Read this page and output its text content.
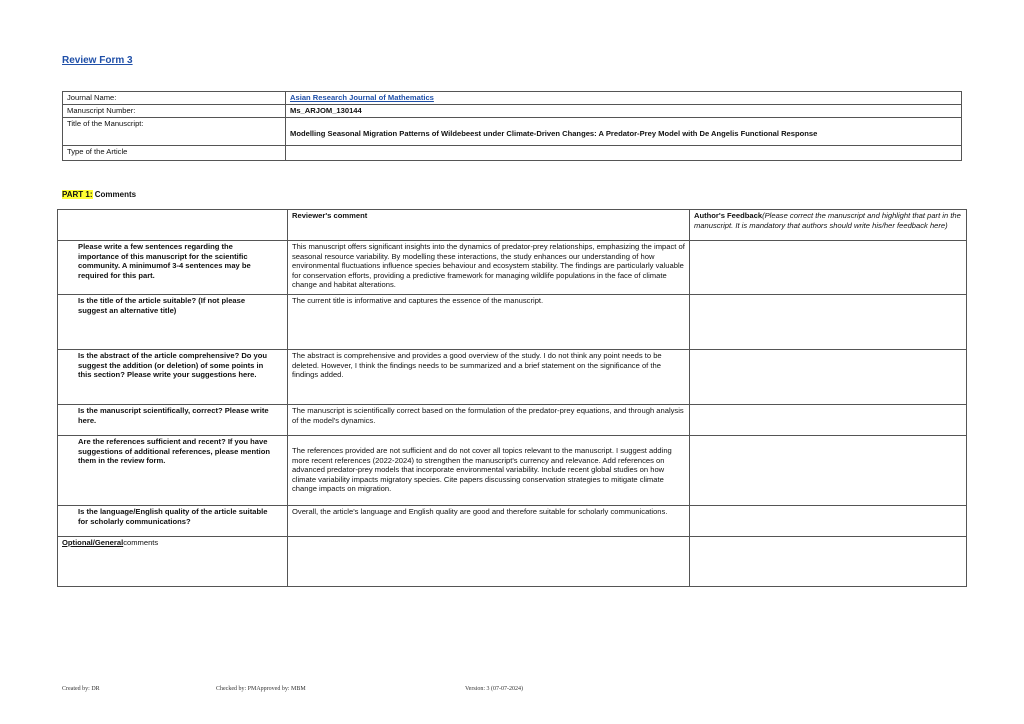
Review Form 3
Journal Name:	Asian Research Journal of Mathematics
Manuscript Number:	Ms_ARJOM_130144
Title of the Manuscript:	Modelling Seasonal Migration Patterns of Wildebeest under Climate-Driven Changes: A Predator-Prey Model with De Angelis Functional Response
Type of the Article	
PART 1: Comments
	Reviewer's comment	Author's Feedback(Please correct the manuscript and highlight that part in the manuscript. It is mandatory that authors should write his/her feedback here)
Please write a few sentences regarding the importance of this manuscript for the scientific community. A minimumof 3-4 sentences may be required for this part.	This manuscript offers significant insights into the dynamics of predator-prey relationships, emphasizing the impact of seasonal resource variability. By modelling these interactions, the study enhances our understanding of how environmental fluctuations influence species behaviour and ecosystem stability. The findings are particularly valuable for conservation efforts, providing a predictive framework for managing wildlife populations in the face of climate change and habitat alterations.	
Is the title of the article suitable? (If not please suggest an alternative title)	The current title is informative and captures the essence of the manuscript.	
Is the abstract of the article comprehensive? Do you suggest the addition (or deletion) of some points in this section? Please write your suggestions here.	The abstract is comprehensive and provides a good overview of the study. I do not think any point needs to be deleted. However, I think the findings needs to be summarized and a brief statement on the significance of the findings added.	
Is the manuscript scientifically, correct? Please write here.	The manuscript is scientifically correct based on the formulation of the predator-prey equations, and through analysis of the model's dynamics.	
Are the references sufficient and recent? If you have suggestions of additional references, please mention them in the review form.	The references provided are not sufficient and do not cover all topics relevant to the manuscript. I suggest adding more recent references (2022-2024) to strengthen the manuscript's currency and relevance. Add references on advanced predator-prey models that incorporate environmental variability. Include recent global studies on how climate variability impacts migratory species. Cite papers discussing conservation strategies to mitigate climate change impacts on migration.	
Is the language/English quality of the article suitable for scholarly communications?	Overall, the article's language and English quality are good and therefore suitable for scholarly communications.	
Optional/Generalcomments		
Created by: DR	Checked by: PMApproved by: MBM	Version: 3 (07-07-2024)
